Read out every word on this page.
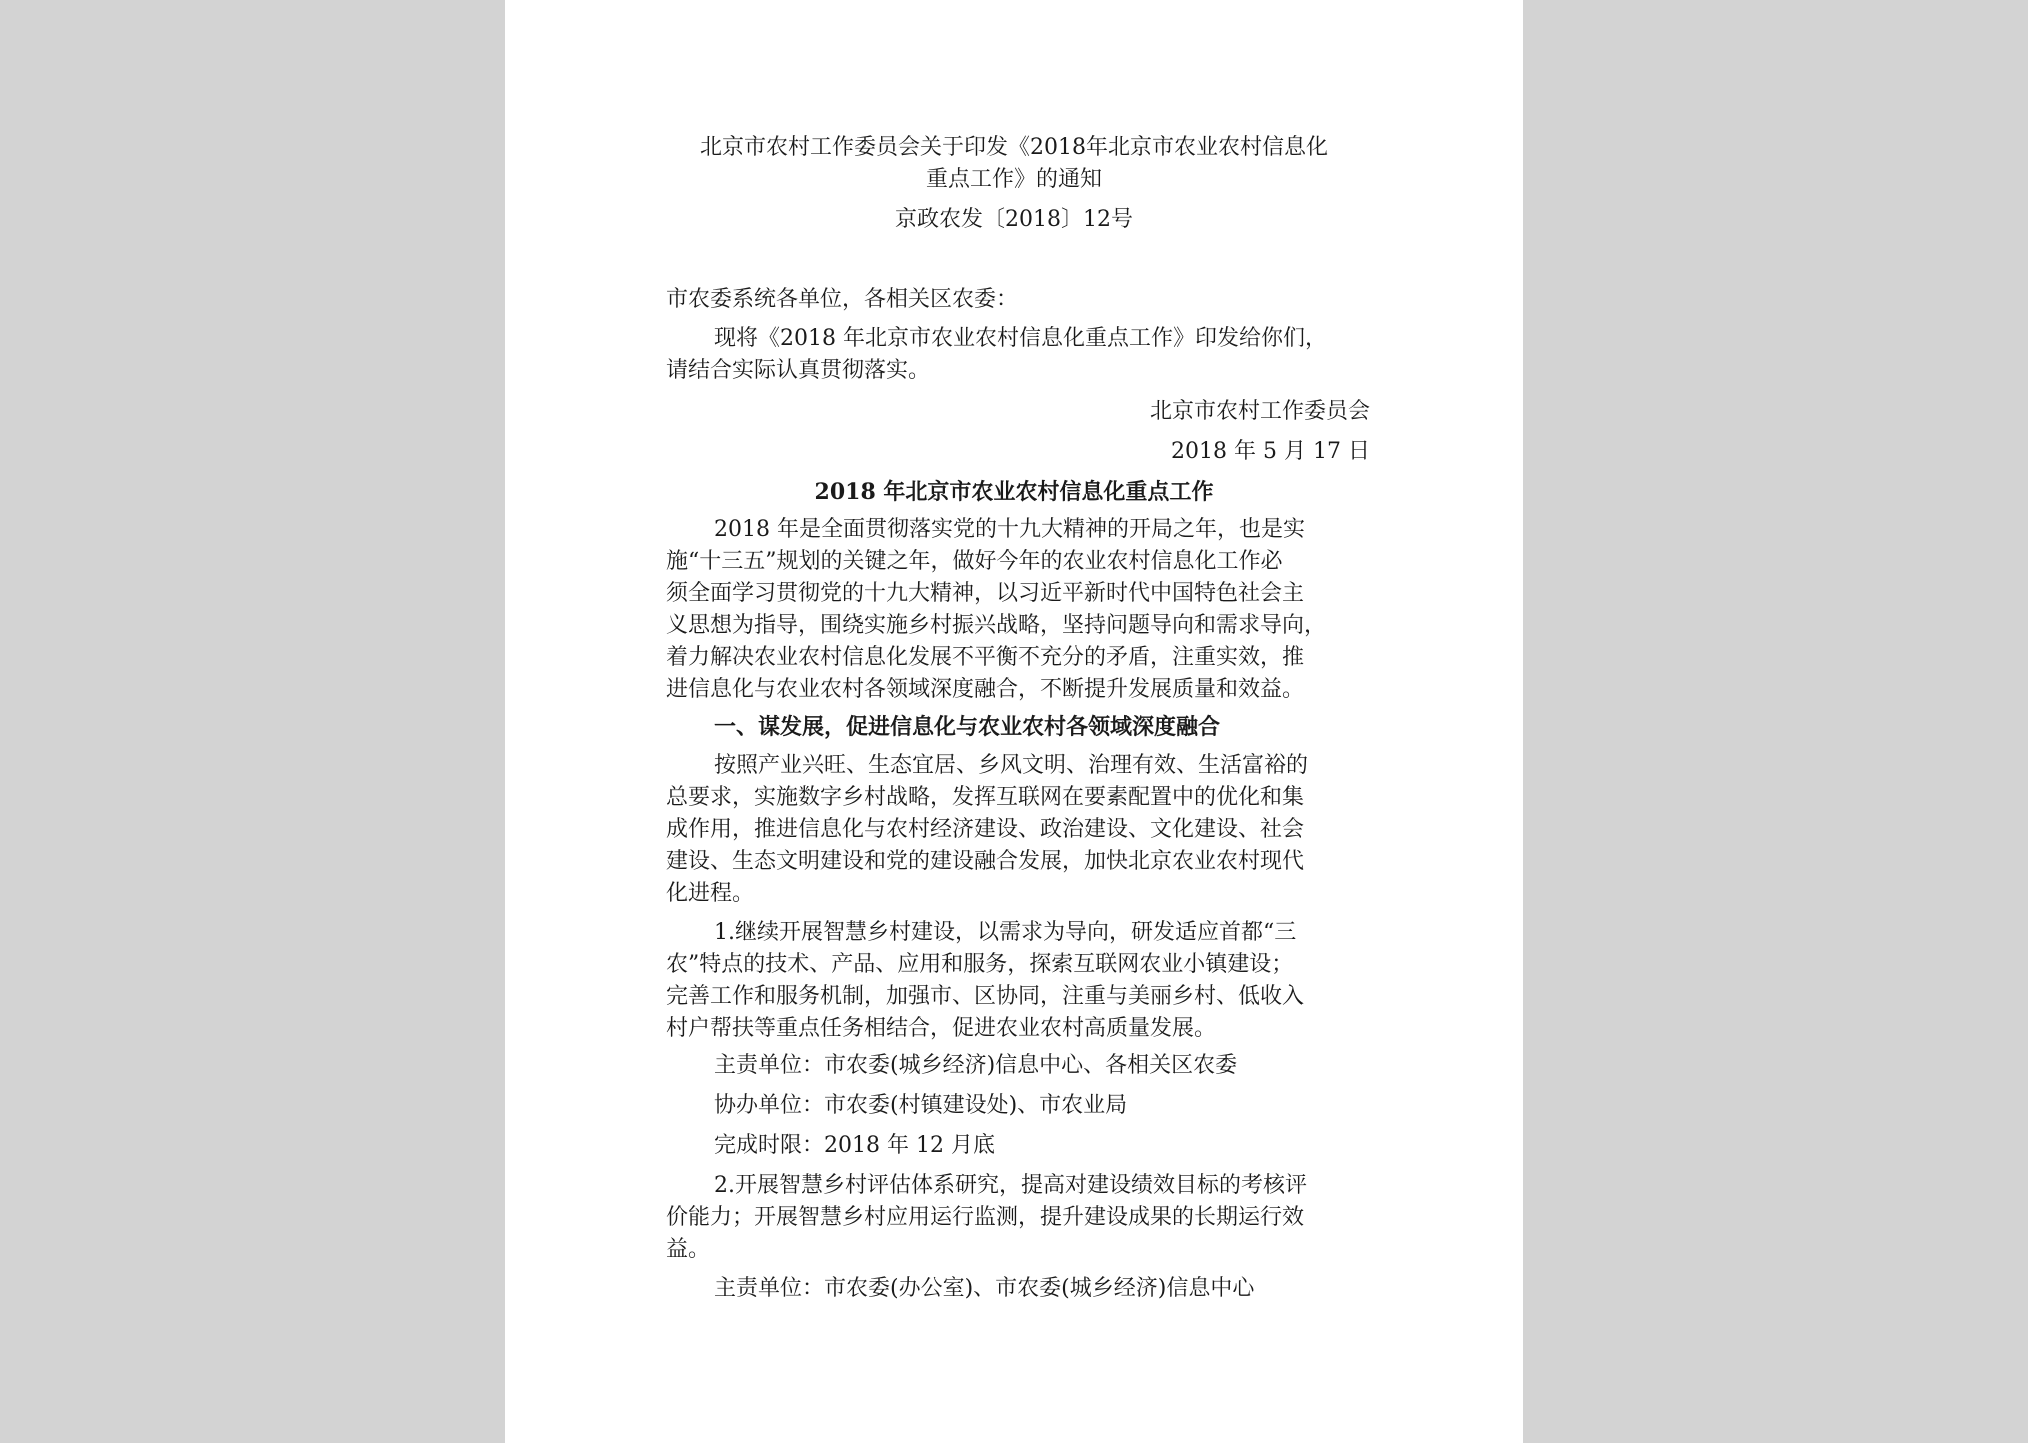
北京市农村工作委员会关于印发《2018年北京市农业农村信息化

重点工作》的通知

京政农发〔2018〕12号

市农委系统各单位，各相关区农委：

现将《2018 年北京市农业农村信息化重点工作》印发给你们，

请结合实际认真贯彻落实。

北京市农村工作委员会

2018 年 5 月 17 日

2018 年北京市农业农村信息化重点工作

2018 年是全面贯彻落实党的十九大精神的开局之年，也是实

施“十三五”规划的关键之年，做好今年的农业农村信息化工作必

须全面学习贯彻党的十九大精神，以习近平新时代中国特色社会主

义思想为指导，围绕实施乡村振兴战略，坚持问题导向和需求导向，

着力解决农业农村信息化发展不平衡不充分的矛盾，注重实效，推

进信息化与农业农村各领域深度融合，不断提升发展质量和效益。

一、谋发展，促进信息化与农业农村各领域深度融合

按照产业兴旺、生态宜居、乡风文明、治理有效、生活富裕的

总要求，实施数字乡村战略，发挥互联网在要素配置中的优化和集

成作用，推进信息化与农村经济建设、政治建设、文化建设、社会

建设、生态文明建设和党的建设融合发展，加快北京农业农村现代

化进程。

1.继续开展智慧乡村建设，以需求为导向，研发适应首都“三

农”特点的技术、产品、应用和服务，探索互联网农业小镇建设；

完善工作和服务机制，加强市、区协同，注重与美丽乡村、低收入

村户帮扶等重点任务相结合，促进农业农村高质量发展。

主责单位：市农委(城乡经济)信息中心、各相关区农委

协办单位：市农委(村镇建设处)、市农业局

完成时限：2018 年 12 月底

2.开展智慧乡村评估体系研究，提高对建设绩效目标的考核评

价能力；开展智慧乡村应用运行监测，提升建设成果的长期运行效

益。

主责单位：市农委(办公室)、市农委(城乡经济)信息中心
